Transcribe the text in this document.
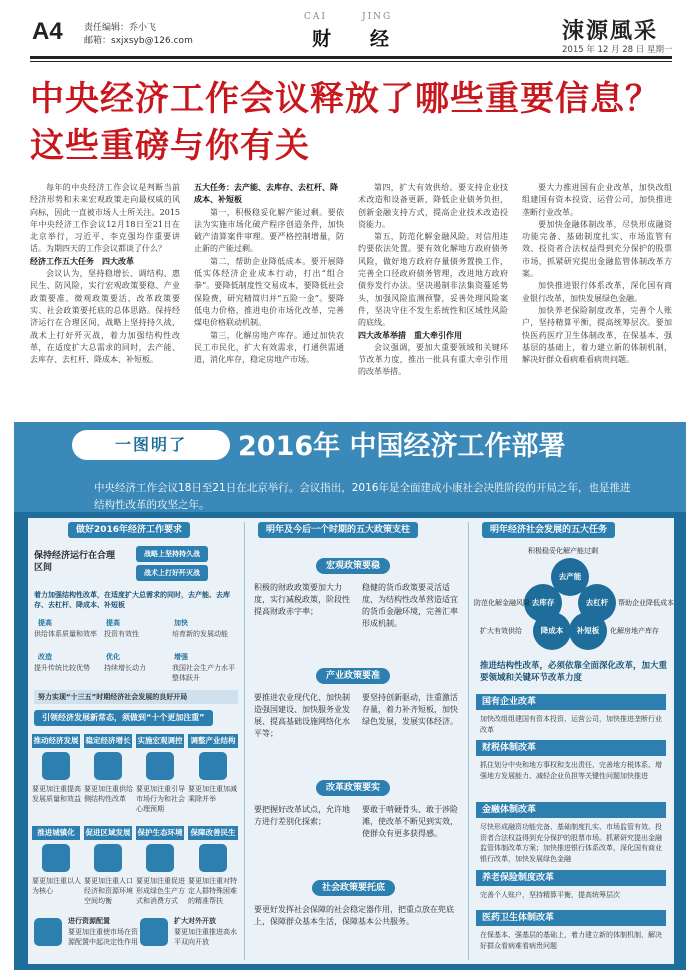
A4 责任编辑：乔小飞
邮箱：sxjxsyb@126.com
CAI	JING
财 经	涑源風采
2015 年 12 月 28 日 星期一
中央经济工作会议释放了哪些重要信息？这些重磅与你有关

每年的中央经济工作会议是判断当前经济形势和未来宏观政策走向最权威的风向标，因此一直被市场人士所关注。2015年中央经济工作会议12月18日至21日在北京举行，习近平、李克强均作重要讲话。为期四天的工作会议都谈了什么？

经济工作五大任务　四大改革

会议认为，坚持稳增长、调结构、惠民生、防风险，实行宏观政策要稳、产业政策要准、微观政策要活、改革政策要实、社会政策要托底的总体思路。保持经济运行在合理区间，战略上坚持持久战，战术上打好歼灭战，着力加强结构性改革，在适度扩大总需求的同时，去产能、去库存、去杠杆、降成本、补短板。

五大任务：去产能、去库存、去杠杆、降成本、补短板

第一，积极稳妥化解产能过剩。要依法为实施市场化破产程序创造条件，加快破产清算案件审理。要严格控制增量，防止新的产能过剩。

第二，帮助企业降低成本。要开展降低实体经济企业成本行动，打出“组合拳”。要降低制度性交易成本，要降低社会保险费，研究精简归并“五险一金”。要降低电力价格，推进电价市场化改革，完善煤电价格联动机制。

第三，化解房地产库存。通过加快农民工市民化，扩大有效需求，打通供需通道，消化库存，稳定房地产市场。

第四，扩大有效供给。要支持企业技术改造和设备更新，降低企业债务负担，创新金融支持方式，提高企业技术改造投资能力。

第五，防范化解金融风险。对信用违约要依法处置。要有效化解地方政府债务风险，做好地方政府存量债务置换工作，完善全口径政府债务管理，改进地方政府债券发行办法。坚决遏制非法集资蔓延势头，加强风险监测预警，妥善处理风险案件，坚决守住不发生系统性和区域性风险的底线。

四大改革举措　重大牵引作用

会议强调，要加大重要领域和关键环节改革力度，推出一批具有重大牵引作用的改革举措。

要大力推进国有企业改革，加快改组组建国有资本投资、运营公司，加快推进垄断行业改革。

要加快金融体制改革，尽快形成融资功能完备、基础制度扎实、市场监管有效、投资者合法权益得到充分保护的股票市场，抓紧研究提出金融监管体制改革方案。

加快推进银行体系改革，深化国有商业银行改革，加快发展绿色金融。

加快养老保险制度改革，完善个人账户，坚持精算平衡，提高统筹层次。要加快医药医疗卫生体制改革，在保基本、强基层的基础上，着力建立新的体制机制，解决好群众看病难看病贵问题。

一图明了	2016年 中国经济工作部署
中央经济工作会议18日至21日在北京举行。会议指出，2016年是全面建成小康社会决胜阶段的开局之年，也是推进结构性改革的攻坚之年。
做好2016年经济工作要求
保持经济运行在合理区间
战略上坚持持久战
战术上打好歼灭战
着力加强结构性改革，在适度扩大总需求的同时，去产能、去库存、去杠杆、降成本、补短板
提高	提高	加快
供给体系质量和效率	投资有效性	培育新的发展动能
改造	优化	增强
提升传统比较优势	持续增长动力	我国社会生产力水平整体跃升
努力实现“十三五”时期经济社会发展的良好开局
引领经济发展新常态，须做到“十个更加注重”
推动经济发展 稳定经济增长 实施宏观调控	调整产业结构
要更加注重提高发展质量和效益
要更加注重供给侧结构性改革
要更加注重引导市场行为和社会心理预期
要更加注重加减乘除并举
推进城镇化	促进区域发展 保护生态环境	保障改善民生
要更加注重以人为核心
要更加注重人口经济和资源环境空间均衡
要更加注重促进形成绿色生产方式和消费方式
要更加注重对特定人群特殊困难的精准帮扶
进行资源配置
要更加注重使市场在资源配置中起决定性作用
扩大对外开放
要更加注重推进高水平双向开放
明年及今后一个时期的五大政策支柱
宏观政策要稳
积极的财政政策要加大力度，实行减税政策，阶段性提高财政赤字率；
稳健的货币政策要灵活适度，为结构性改革营造适宜的货币金融环境，完善汇率形成机制。
产业政策要准
要推进农业现代化、加快制造强国建设、加快服务业发展、提高基础设施网络化水平等；
要坚持创新驱动，注重激活存量，着力补齐短板，加快绿色发展，发展实体经济。
改革政策要实
要把握好改革试点，允许地方进行差别化探索；
要敢于啃硬骨头、敢于涉险滩，使改革不断见到实效，使群众有更多获得感。
社会政策要托底
要更好发挥社会保障的社会稳定器作用，把重点放在兜底上，保障群众基本生活，保障基本公共服务。
明年经济社会发展的五大任务
积极稳妥化解产能过剩
去产能
去库存	去杠杆
降成本	补短板
防范化解金融风险	帮助企业降低成本
扩大有效供给	化解房地产库存
推进结构性改革，必须依靠全面深化改革，加大重要领域和关键环节改革力度
国有企业改革
加快改组组建国有资本投资、运营公司，加快推进垄断行业改革
财税体制改革
抓住划分中央和地方事权和支出责任、完善地方税体系、增强地方发展能力、减轻企业负担等关键性问题加快推进
金融体制改革
尽快形成融资功能完备、基础制度扎实、市场监管有效、投资者合法权益得到充分保护的股票市场。抓紧研究提出金融监管体制改革方案；加快推进银行体系改革，深化国有商业银行改革，加快发展绿色金融
养老保险制度改革
完善个人账户，坚持精算平衡，提高统筹层次
医药卫生体制改革
在保基本、强基层的基础上，着力建立新的体制机制，解决好群众看病难看病贵问题
